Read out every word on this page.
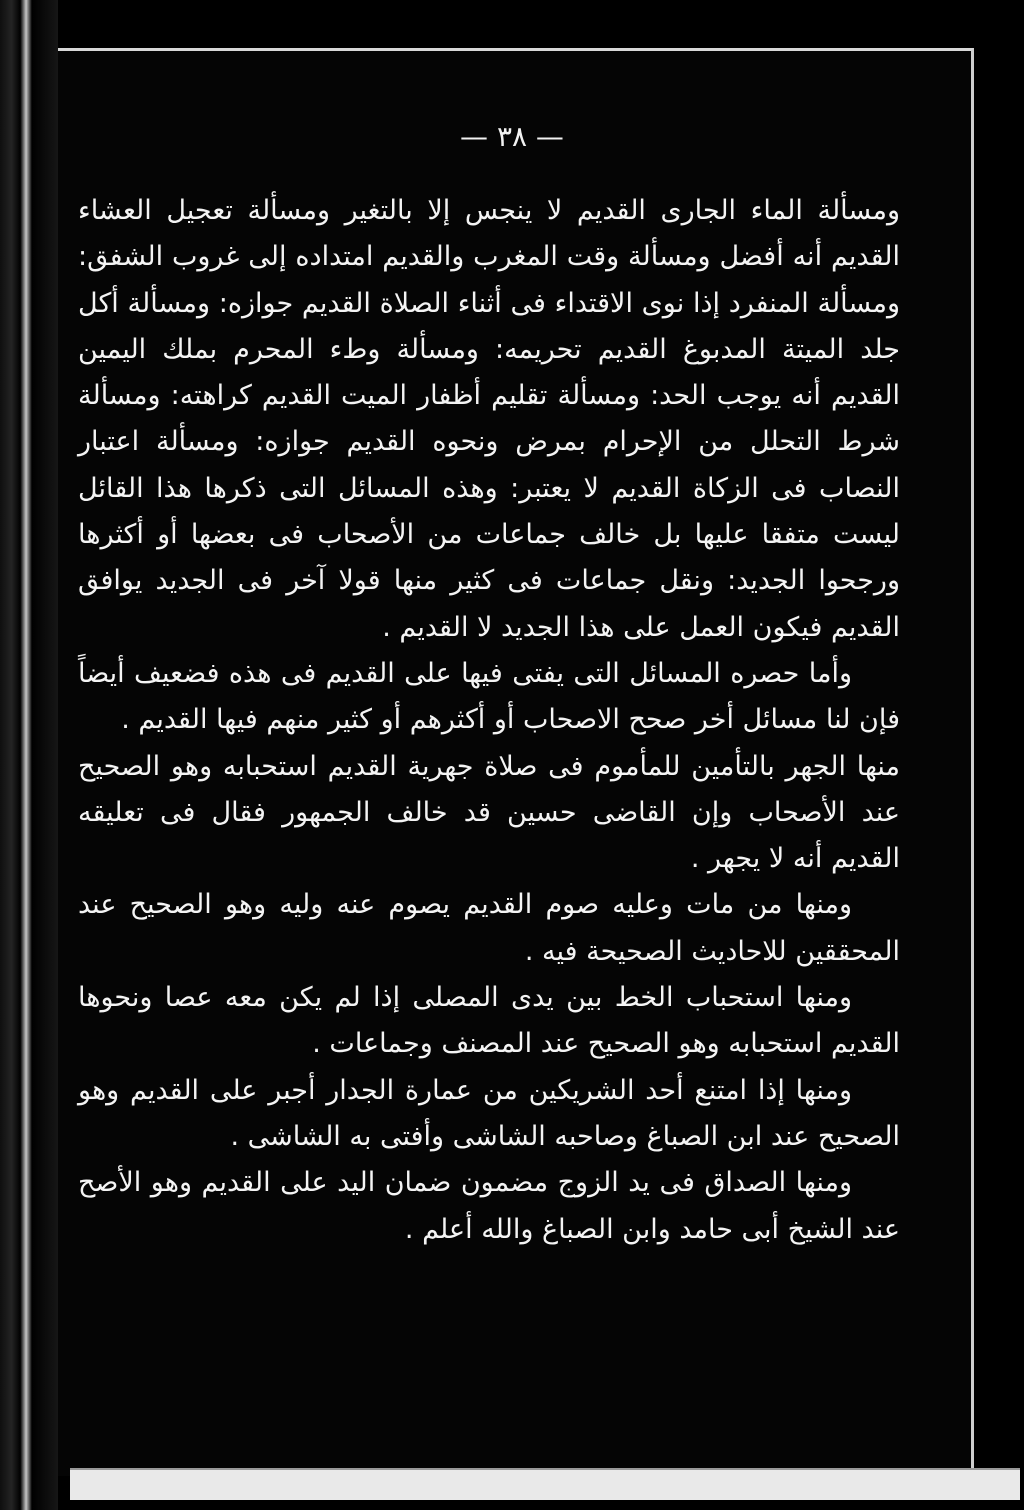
— ٣٨ —

ومسألة الماء الجارى القديم لا ينجس إلا بالتغير ومسألة تعجيل العشاء القديم أنه أفضل ومسألة وقت المغرب والقديم امتداده إلى غروب الشفق: ومسألة المنفرد إذا نوى الاقتداء فى أثناء الصلاة القديم جوازه: ومسألة أكل جلد الميتة المدبوغ القديم تحريمه: ومسألة وطء المحرم بملك اليمين القديم أنه يوجب الحد: ومسألة تقليم أظفار الميت القديم كراهته: ومسألة شرط التحلل من الإحرام بمرض ونحوه القديم جوازه: ومسألة اعتبار النصاب فى الزكاة القديم لا يعتبر: وهذه المسائل التى ذكرها هذا القائل ليست متفقا عليها بل خالف جماعات من الأصحاب فى بعضها أو أكثرها ورجحوا الجديد: ونقل جماعات فى كثير منها قولا آخر فى الجديد يوافق القديم فيكون العمل على هذا الجديد لا القديم .

وأما حصره المسائل التى يفتى فيها على القديم فى هذه فضعيف أيضاً فإن لنا مسائل أخر صحح الاصحاب أو أكثرهم أو كثير منهم فيها القديم .

منها الجهر بالتأمين للمأموم فى صلاة جهرية القديم استحبابه وهو الصحيح عند الأصحاب وإن القاضى حسين قد خالف الجمهور فقال فى تعليقه القديم أنه لا يجهر .

ومنها من مات وعليه صوم القديم يصوم عنه وليه وهو الصحيح عند المحققين للاحاديث الصحيحة فيه .

ومنها استحباب الخط بين يدى المصلى إذا لم يكن معه عصا ونحوها القديم استحبابه وهو الصحيح عند المصنف وجماعات .

ومنها إذا امتنع أحد الشريكين من عمارة الجدار أجبر على القديم وهو الصحيح عند ابن الصباغ وصاحبه الشاشى وأفتى به الشاشى .

ومنها الصداق فى يد الزوج مضمون ضمان اليد على القديم وهو الأصح عند الشيخ أبى حامد وابن الصباغ والله أعلم .
